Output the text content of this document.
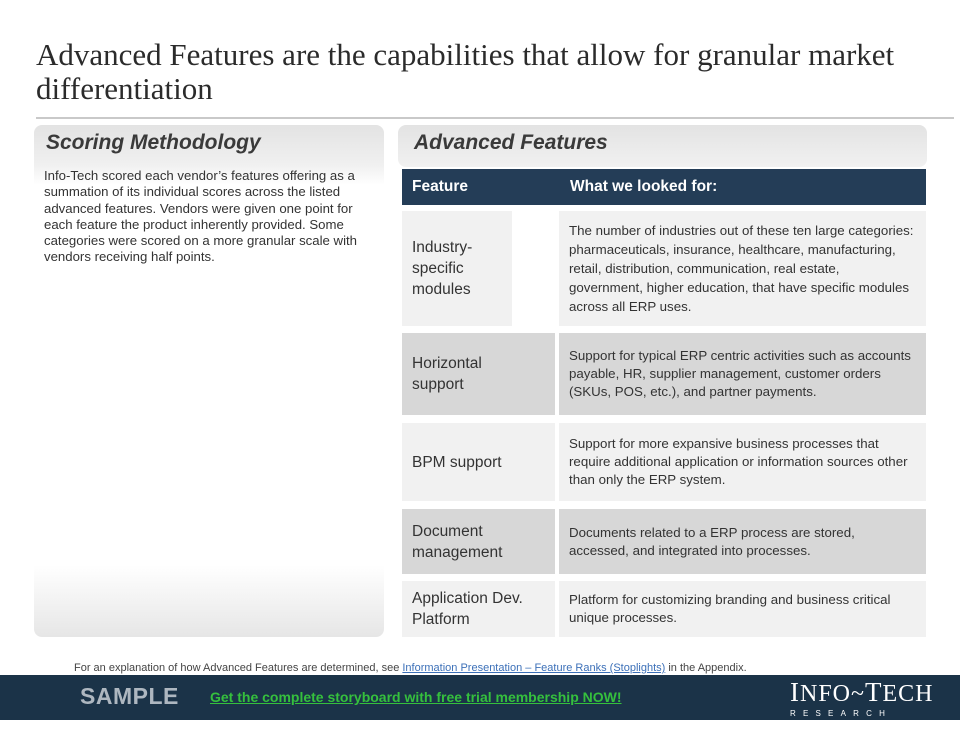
Advanced Features are the capabilities that allow for granular market differentiation
Scoring Methodology
Info-Tech scored each vendor’s features offering as a summation of its individual scores across the listed advanced features. Vendors were given one point for each feature the product inherently provided. Some categories were scored on a more granular scale with vendors receiving half points.
Advanced Features
Feature	What we looked for:
Industry-specific modules
The number of industries out of these ten large categories: pharmaceuticals, insurance, healthcare, manufacturing, retail, distribution, communication, real estate, government, higher education, that have specific modules across all ERP uses.
Horizontal support
Support for typical ERP centric activities such as accounts payable, HR, supplier management, customer orders (SKUs, POS, etc.), and partner payments.
BPM support
Support for more expansive business processes that require additional application or information sources other than only the ERP system.
Document management
Documents related to a ERP process are stored, accessed, and integrated into processes.
Application Dev. Platform
Platform for customizing branding and business critical unique processes.
For an explanation of how Advanced Features are determined, see Information Presentation – Feature Ranks (Stoplights) in the Appendix.
SAMPLE Get the complete storyboard with free trial membership NOW!	INFO~TECH
RESEARCH GROUP
